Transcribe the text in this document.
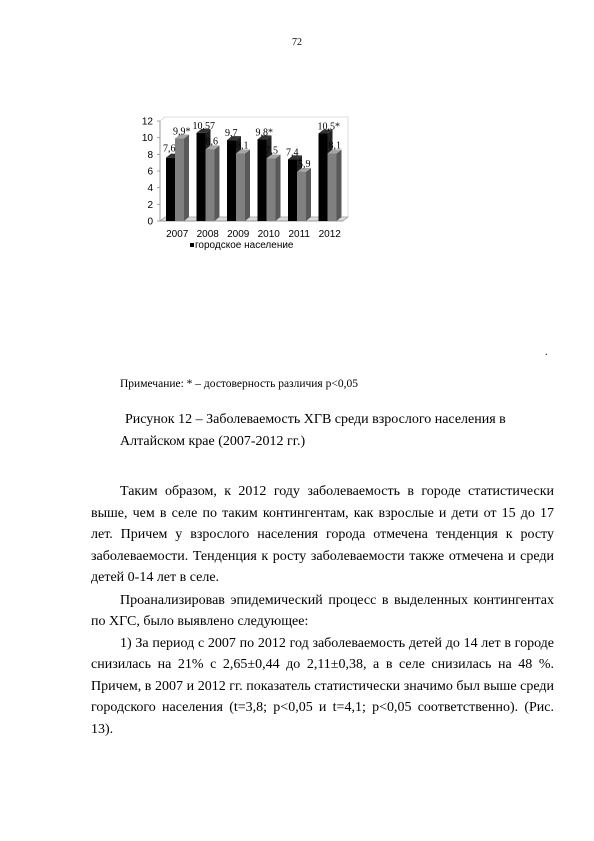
72
0
2
4
6
8
10
12
2007 2008 2009 2010 2011 2012
7,6
9,9*
10,57
8,6
9,7
8,1
9,8*
7,5 7,4
5,9
10,5*
8,1
городское население
.
Примечание: * – достоверность различия p<0,05
Рисунок 12 – Заболеваемость ХГВ среди взрослого населения в Алтайском крае (2007-2012 гг.)

Таким образом, к 2012 году заболеваемость в городе статистически выше, чем в селе по таким контингентам, как взрослые и дети от 15 до 17 лет. Причем у взрослого населения города отмечена тенденция к росту заболеваемости. Тенденция к росту заболеваемости также отмечена и среди детей 0-14 лет в селе.

Проанализировав эпидемический процесс в выделенных контингентах по ХГС, было выявлено следующее:

1) За период с 2007 по 2012 год заболеваемость детей до 14 лет в городе снизилась на 21% с 2,65±0,44 до 2,11±0,38, а в селе снизилась на 48 %. Причем, в 2007 и 2012 гг. показатель статистически значимо был выше среди городского населения (t=3,8; p<0,05 и t=4,1; p<0,05 соответственно). (Рис. 13).
